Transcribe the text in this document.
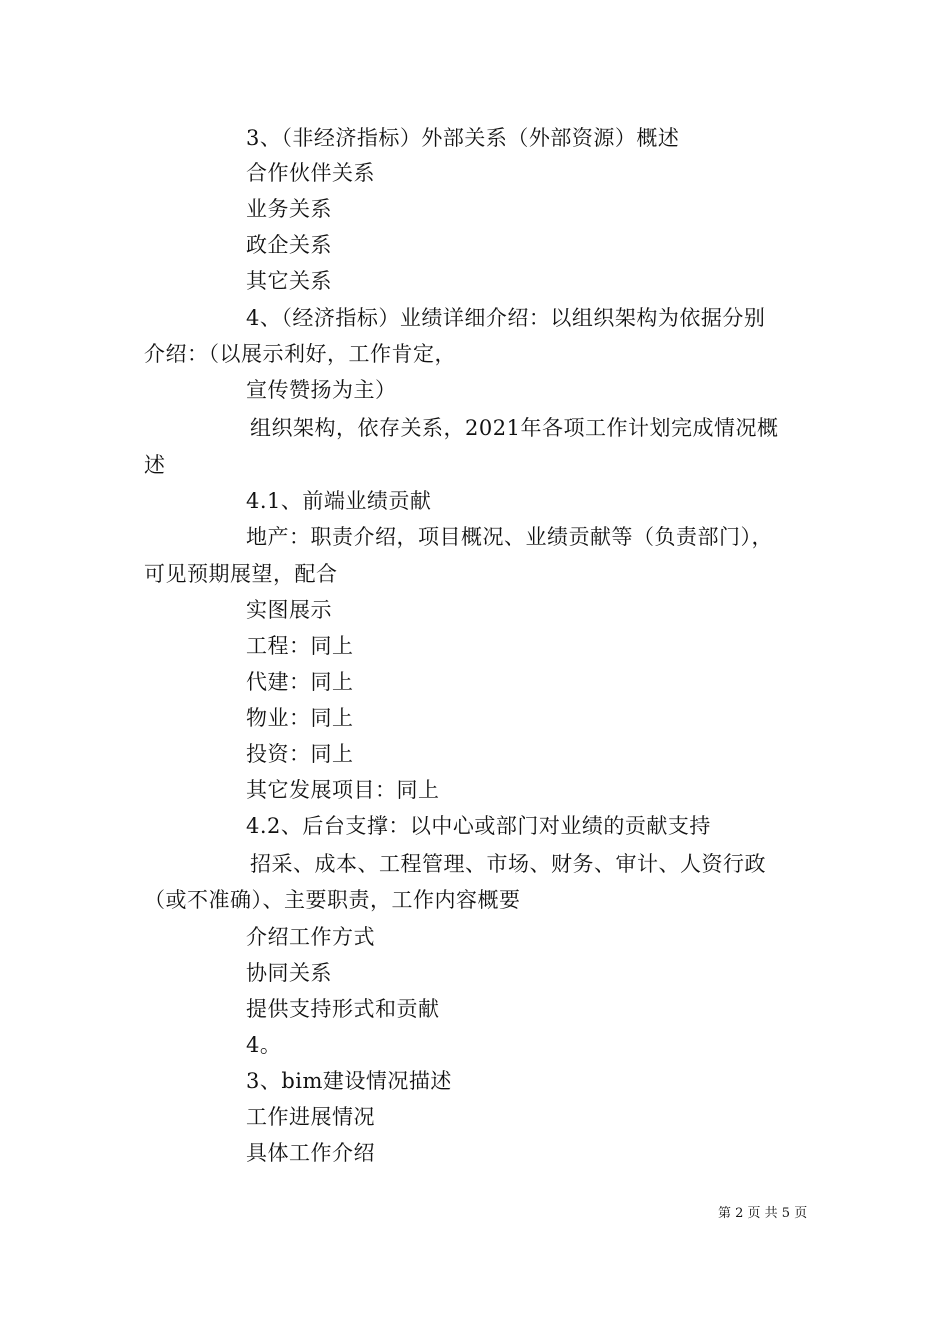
3、（非经济指标）外部关系（外部资源）概述
合作伙伴关系
业务关系
政企关系
其它关系
4、（经济指标）业绩详细介绍：以组织架构为依据分别
介绍：（以展示利好，工作肯定，
宣传赞扬为主）
组织架构，依存关系，2021年各项工作计划完成情况概
述
4.1、前端业绩贡献
地产：职责介绍，项目概况、业绩贡献等（负责部门），
可见预期展望，配合
实图展示
工程：同上
代建：同上
物业：同上
投资：同上
其它发展项目：同上
4.2、后台支撑：以中心或部门对业绩的贡献支持
招采、成本、工程管理、市场、财务、审计、人资行政
（或不准确）、主要职责，工作内容概要
介绍工作方式
协同关系
提供支持形式和贡献
4。
3、bim建设情况描述
工作进展情况
具体工作介绍
第 2 页 共 5 页
